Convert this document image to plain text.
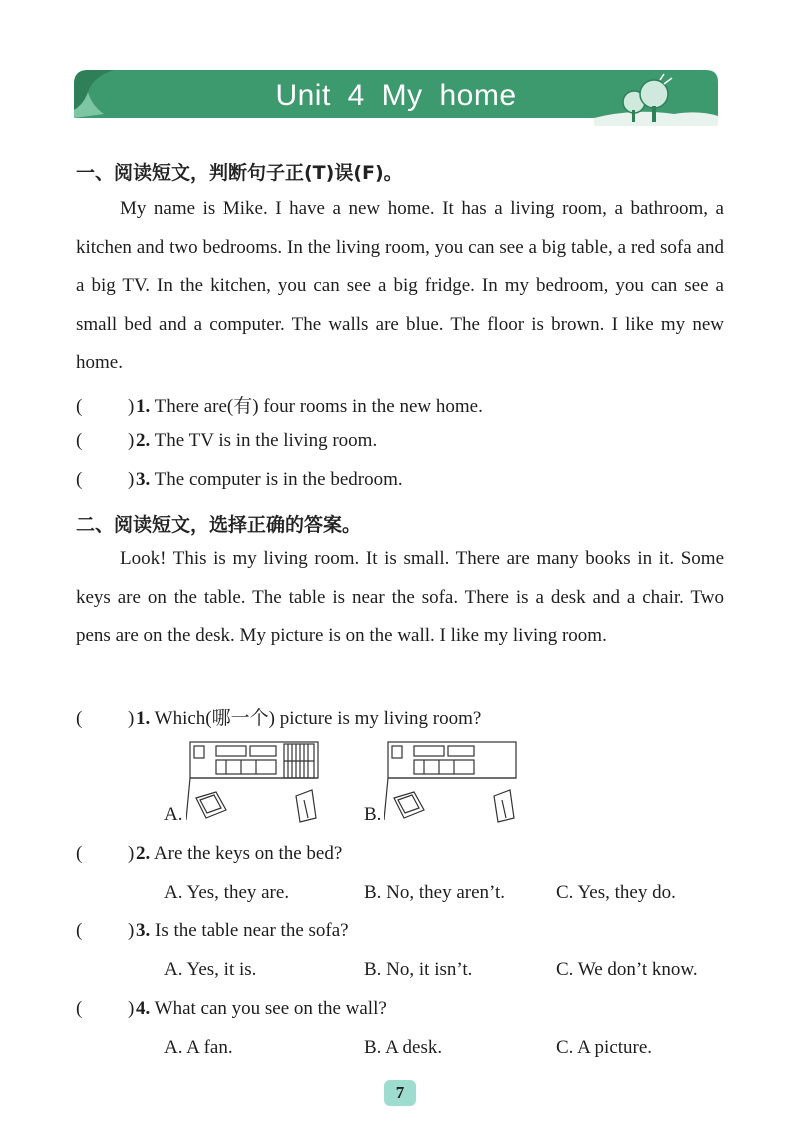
Unit 4 My home
一、阅读短文，判断句子正(T)误(F)。

My name is Mike. I have a new home. It has a living room, a bathroom, a kitchen and two bedrooms. In the living room, you can see a big table, a red sofa and a big TV. In the kitchen, you can see a big fridge. In my bedroom, you can see a small bed and a computer. The walls are blue. The floor is brown. I like my new home.

( )1. There are(有) four rooms in the new home.
( )2. The TV is in the living room.
( )3. The computer is in the bedroom.
二、阅读短文，选择正确的答案。

Look! This is my living room. It is small. There are many books in it. Some keys are on the table. The table is near the sofa. There is a desk and a chair. Two pens are on the desk. My picture is on the wall. I like my living room.

( )1. Which(哪一个) picture is my living room?
A.	B.
( )2. Are the keys on the bed?
A. Yes, they are.	B. No, they aren’t.	C. Yes, they do.
( )3. Is the table near the sofa?
A. Yes, it is.	B. No, it isn’t.	C. We don’t know.
( )4. What can you see on the wall?
A. A fan.	B. A desk.	C. A picture.
7
